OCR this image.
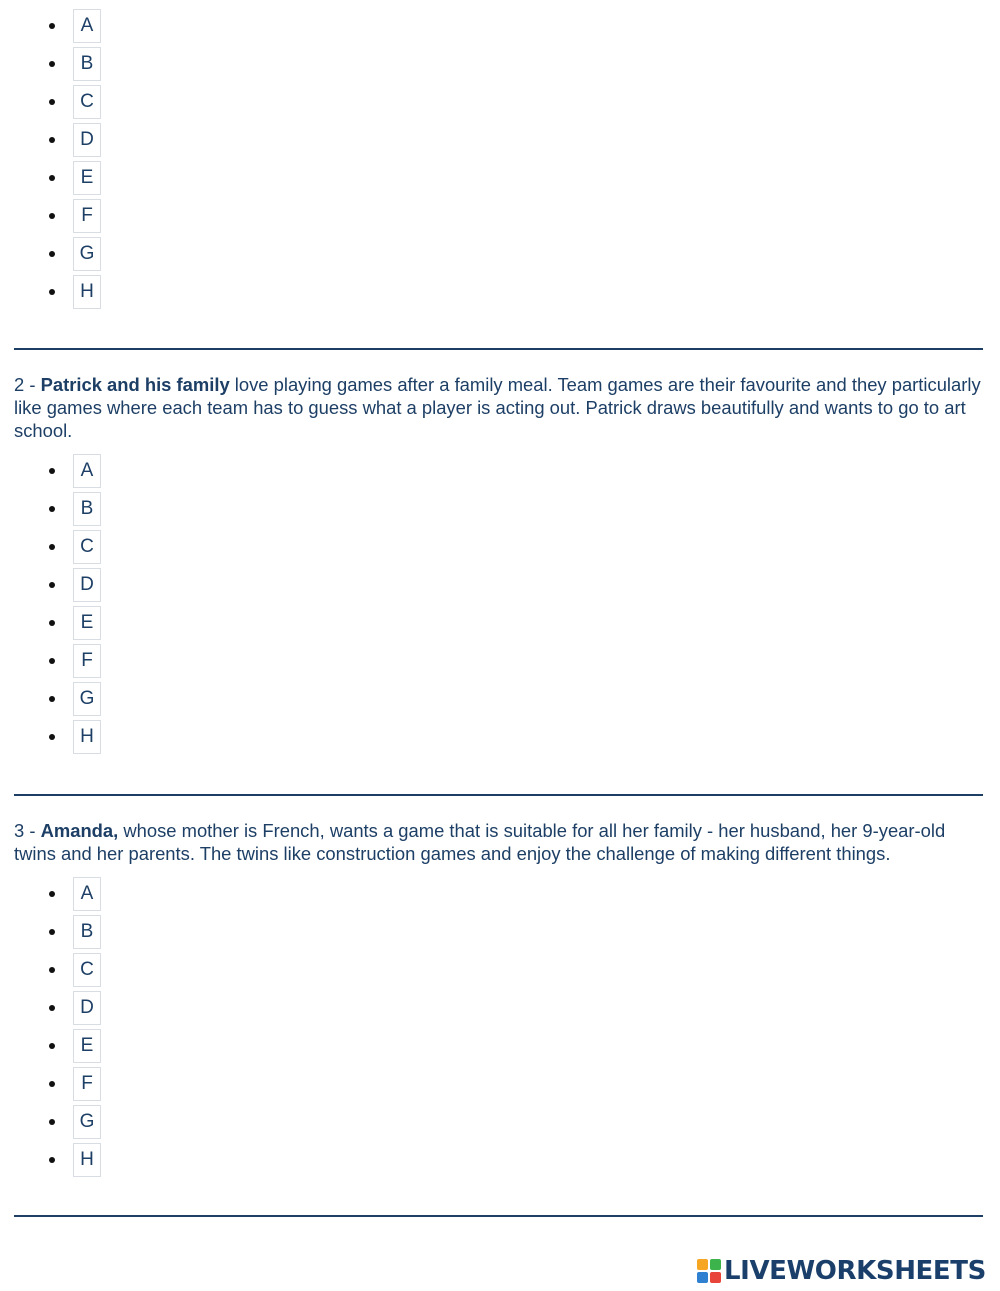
A
B
C
D
E
F
G
H

2 - Patrick and his family love playing games after a family meal. Team games are their favourite and they particularly like games where each team has to guess what a player is acting out. Patrick draws beautifully and wants to go to art school.

A
B
C
D
E
F
G
H

3 - Amanda, whose mother is French, wants a game that is suitable for all her family - her husband, her 9-year-old twins and her parents. The twins like construction games and enjoy the challenge of making different things.

A
B
C
D
E
F
G
H
LIVEWORKSHEETS
